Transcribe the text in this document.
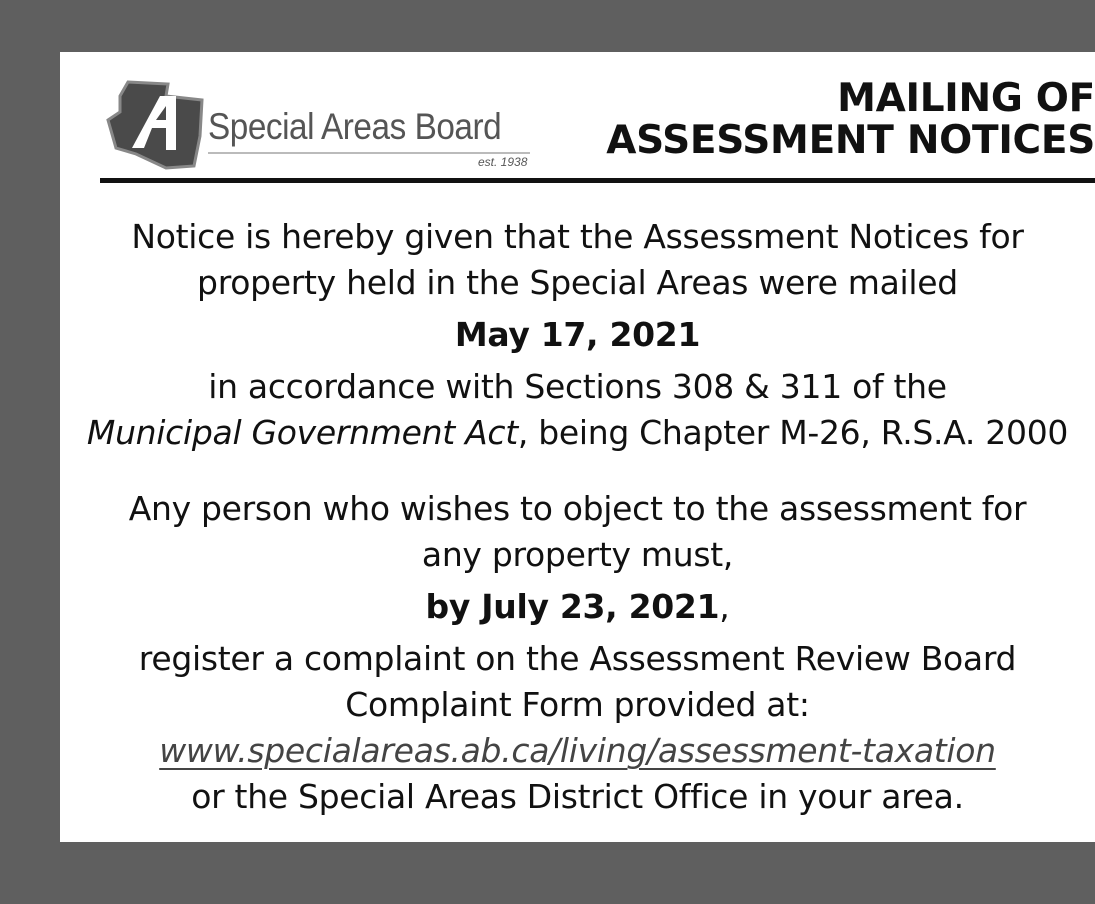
Special Areas Board
est. 1938
MAILING OF
ASSESSMENT NOTICES
Notice is hereby given that the Assessment Notices for
property held in the Special Areas were mailed
May 17, 2021
in accordance with Sections 308 & 311 of the
Municipal Government Act, being Chapter M-26, R.S.A. 2000
Any person who wishes to object to the assessment for
any property must,
by July 23, 2021,
register a complaint on the Assessment Review Board
Complaint Form provided at:
www.specialareas.ab.ca/living/assessment-taxation
or the Special Areas District Office in your area.
